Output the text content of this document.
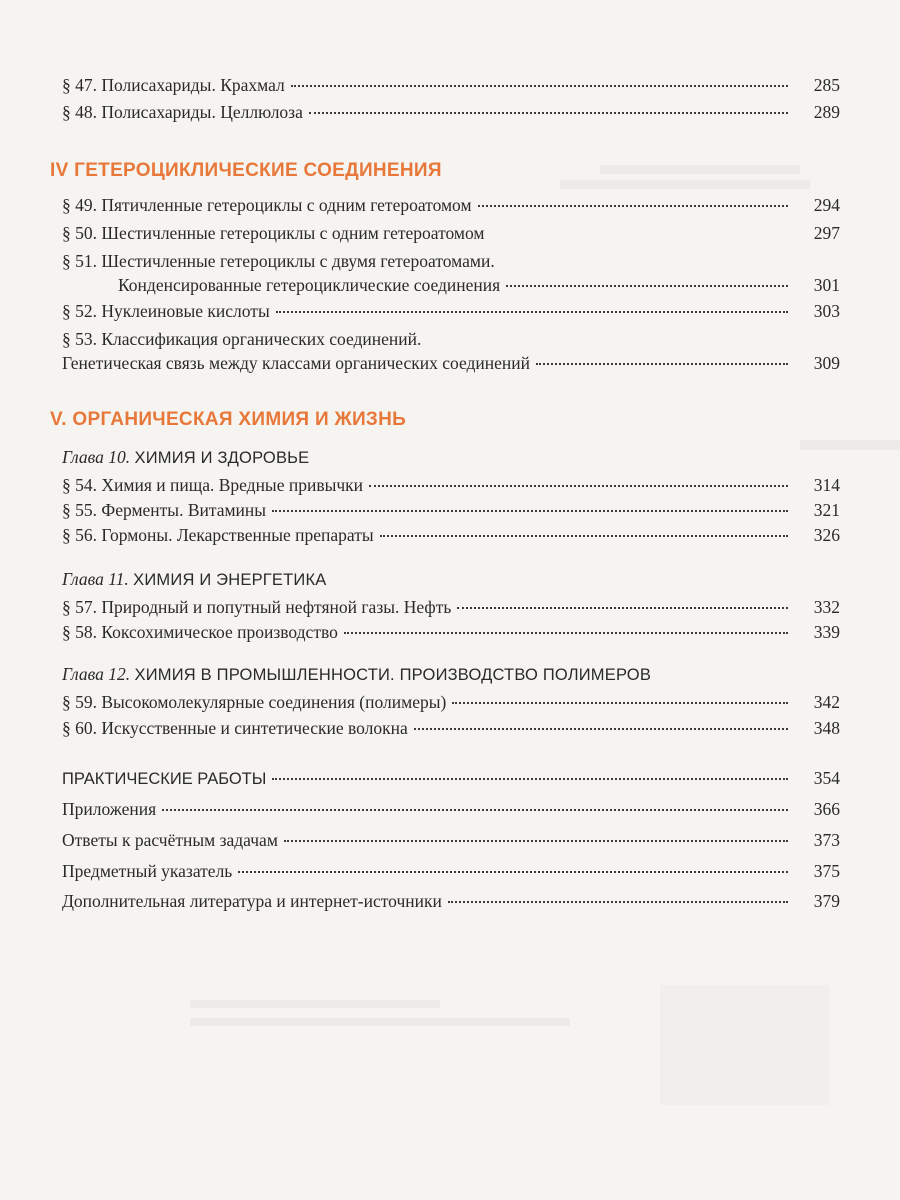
§ 47. Полисахариды. Крахмал	285
§ 48. Полисахариды. Целлюлоза	289
IV ГЕТЕРОЦИКЛИЧЕСКИЕ СОЕДИНЕНИЯ
§ 49. Пятичленные гетероциклы с одним гетероатомом	294
§ 50. Шестичленные гетероциклы с одним гетероатомом	297
§ 51. Шестичленные гетероциклы с двумя гетероатомами.
Конденсированные гетероциклические соединения	301
§ 52. Нуклеиновые кислоты	303
§ 53. Классификация органических соединений.
Генетическая связь между классами органических соединений	309
V. ОРГАНИЧЕСКАЯ ХИМИЯ И ЖИЗНЬ
Глава 10. ХИМИЯ И ЗДОРОВЬЕ
§ 54. Химия и пища. Вредные привычки	314
§ 55. Ферменты. Витамины	321
§ 56. Гормоны. Лекарственные препараты	326
Глава 11. ХИМИЯ И ЭНЕРГЕТИКА
§ 57. Природный и попутный нефтяной газы. Нефть	332
§ 58. Коксохимическое производство	339
Глава 12. ХИМИЯ В ПРОМЫШЛЕННОСТИ. ПРОИЗВОДСТВО ПОЛИМЕРОВ
§ 59. Высокомолекулярные соединения (полимеры)	342
§ 60. Искусственные и синтетические волокна	348
ПРАКТИЧЕСКИЕ РАБОТЫ	354
Приложения	366
Ответы к расчётным задачам	373
Предметный указатель	375
Дополнительная литература и интернет-источники	379
